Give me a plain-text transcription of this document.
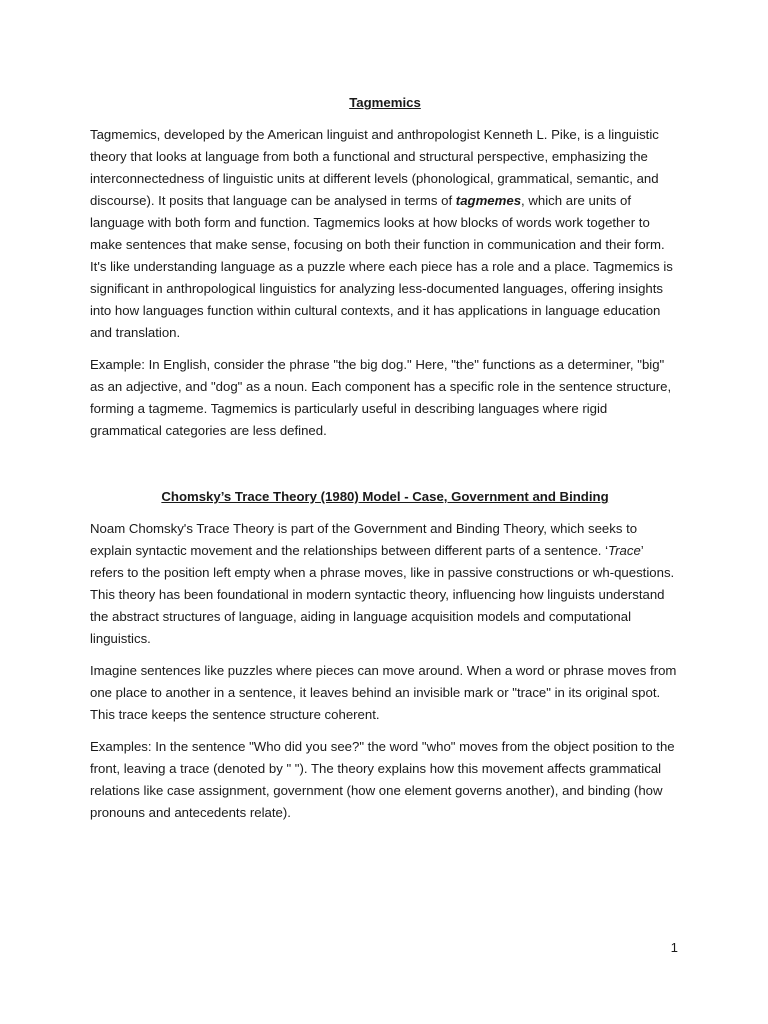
Tagmemics

Tagmemics, developed by the American linguist and anthropologist Kenneth L. Pike, is a linguistic theory that looks at language from both a functional and structural perspective, emphasizing the interconnectedness of linguistic units at different levels (phonological, grammatical, semantic, and discourse). It posits that language can be analysed in terms of tagmemes, which are units of language with both form and function. Tagmemics looks at how blocks of words work together to make sentences that make sense, focusing on both their function in communication and their form. It's like understanding language as a puzzle where each piece has a role and a place. Tagmemics is significant in anthropological linguistics for analyzing less-documented languages, offering insights into how languages function within cultural contexts, and it has applications in language education and translation.

Example: In English, consider the phrase "the big dog." Here, "the" functions as a determiner, "big" as an adjective, and "dog" as a noun. Each component has a specific role in the sentence structure, forming a tagmeme. Tagmemics is particularly useful in describing languages where rigid grammatical categories are less defined.

Chomsky’s Trace Theory (1980) Model - Case, Government and Binding

Noam Chomsky's Trace Theory is part of the Government and Binding Theory, which seeks to explain syntactic movement and the relationships between different parts of a sentence. ‘Trace’ refers to the position left empty when a phrase moves, like in passive constructions or wh-questions. This theory has been foundational in modern syntactic theory, influencing how linguists understand the abstract structures of language, aiding in language acquisition models and computational linguistics.

Imagine sentences like puzzles where pieces can move around. When a word or phrase moves from one place to another in a sentence, it leaves behind an invisible mark or "trace" in its original spot. This trace keeps the sentence structure coherent.

Examples: In the sentence "Who did you see?" the word "who" moves from the object position to the front, leaving a trace (denoted by " "). The theory explains how this movement affects grammatical relations like case assignment, government (how one element governs another), and binding (how pronouns and antecedents relate).

1
